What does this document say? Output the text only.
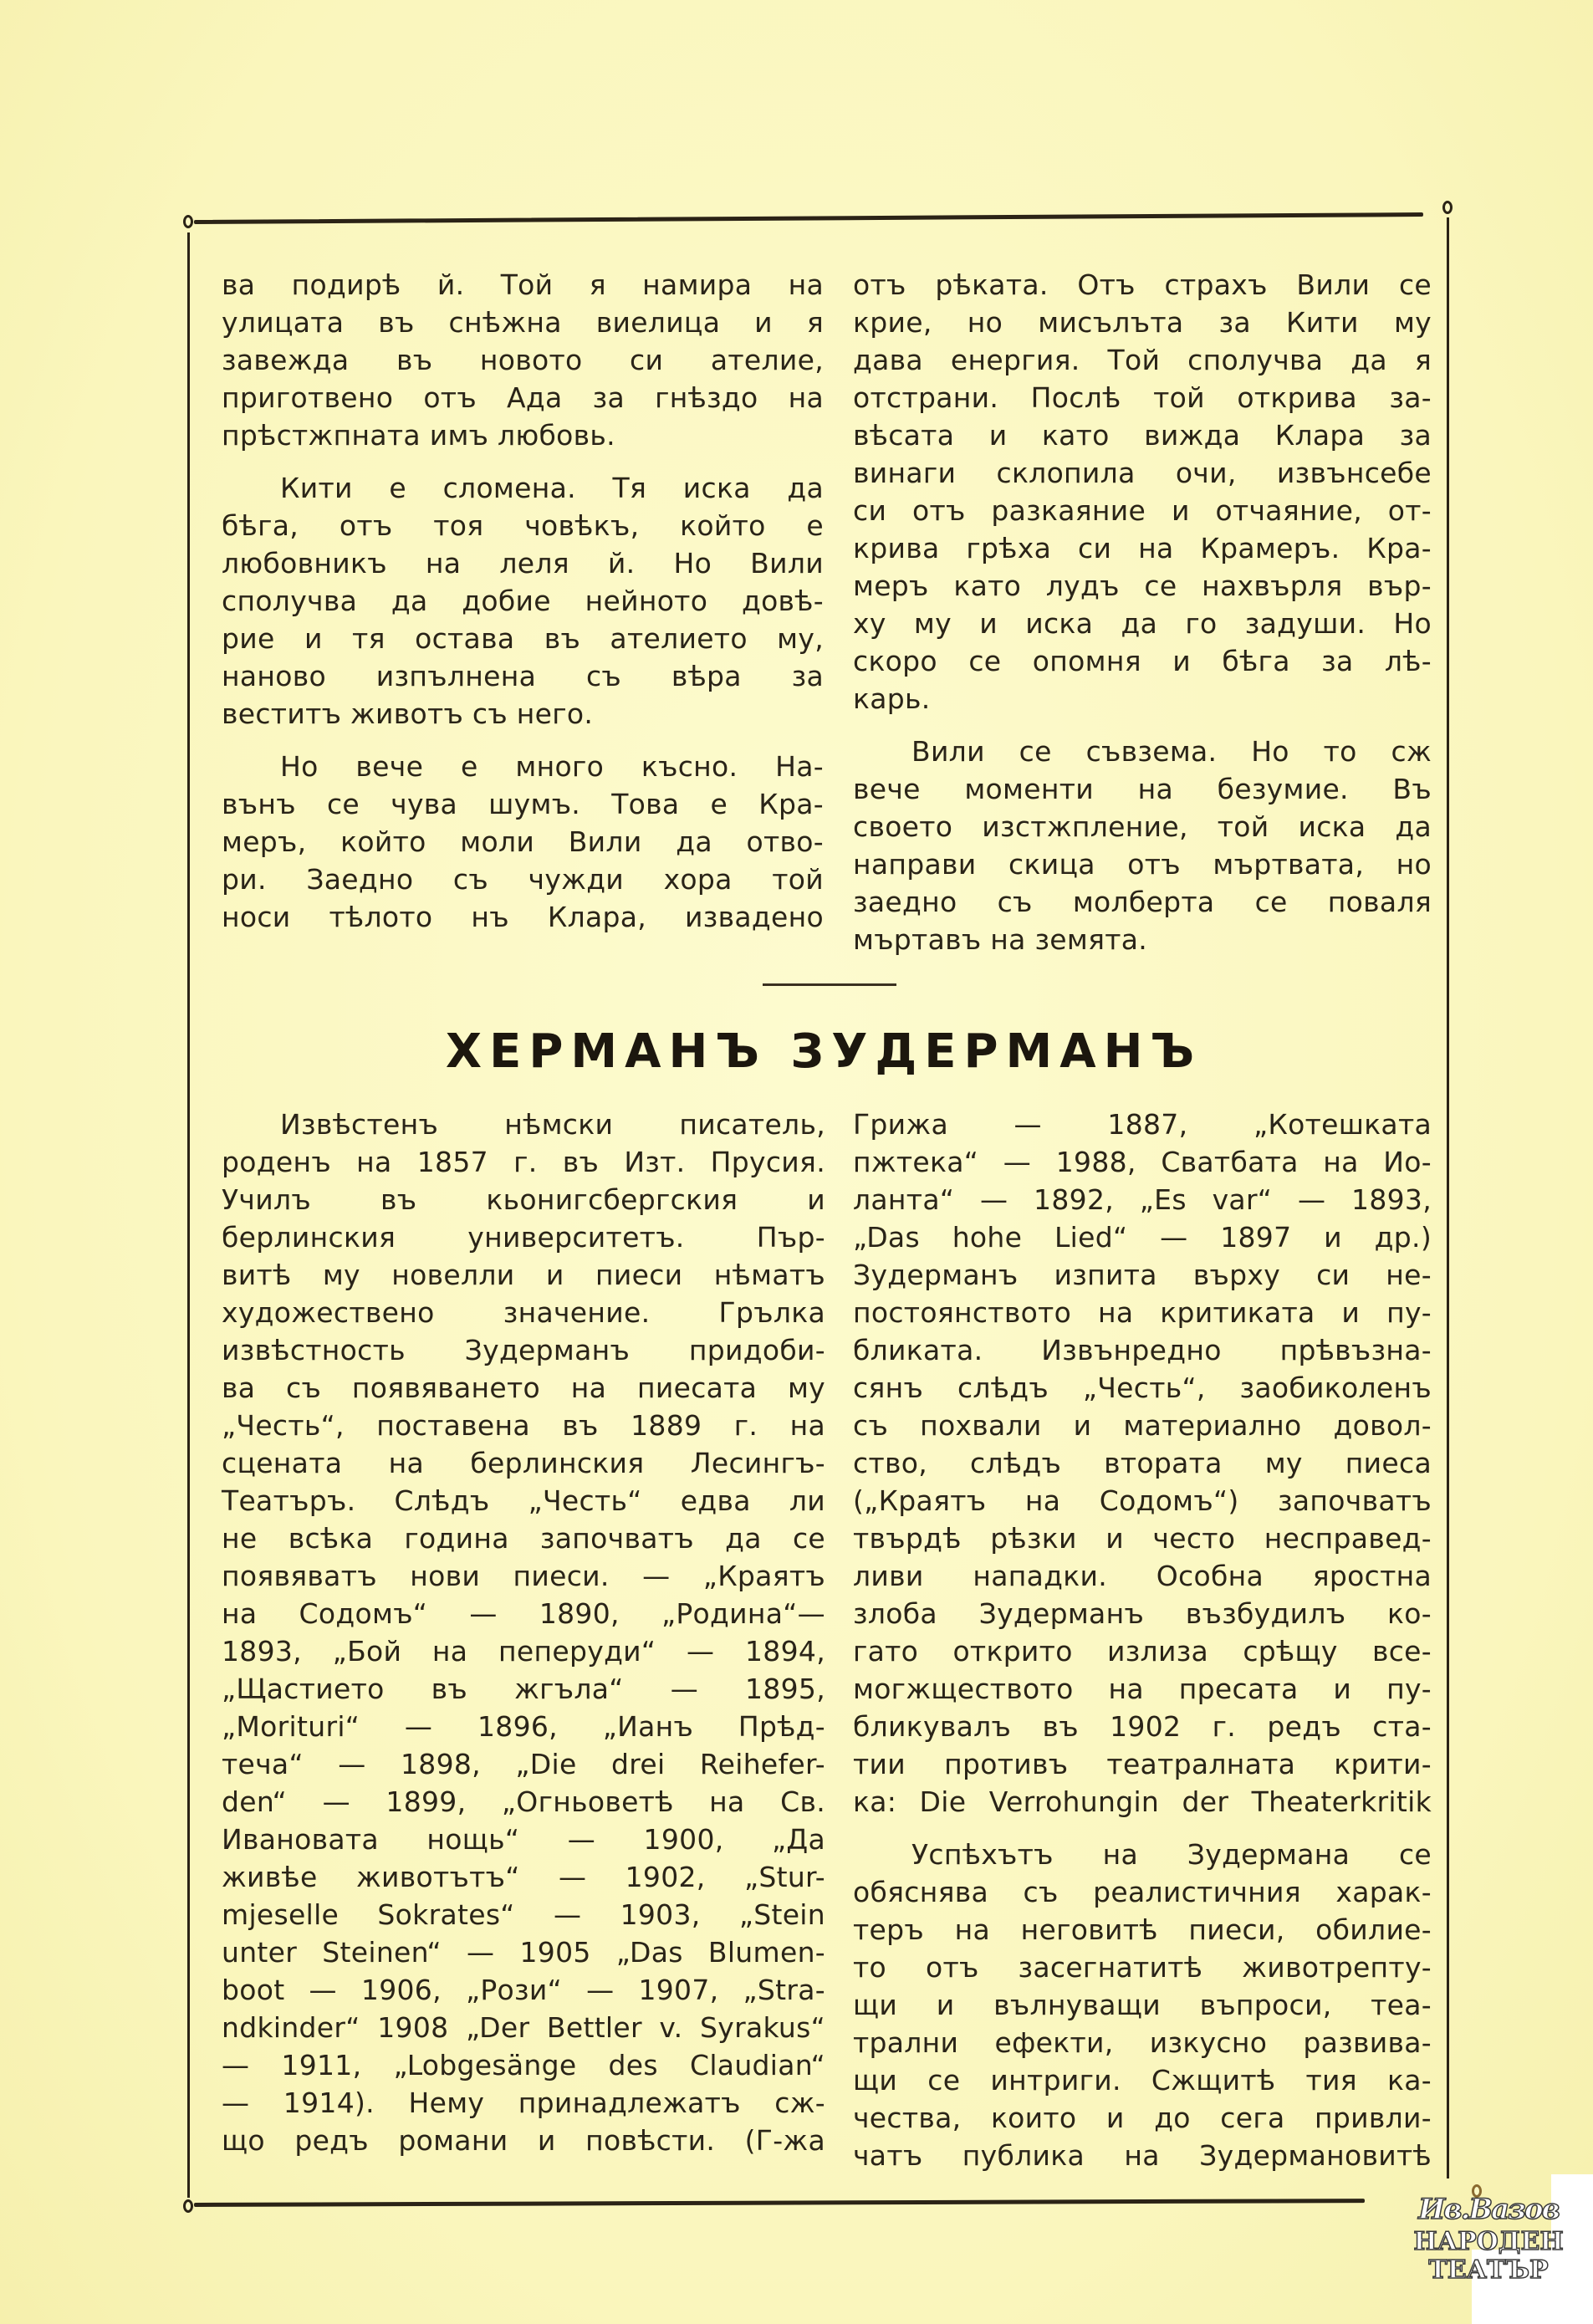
ва подирѣ й. Той я намира на
улицата въ снѣжна виелица и я
завежда въ новото си ателие,
приготвено отъ Ада за гнѣздо на
прѣстжпната имъ любовь.
Кити е сломена. Тя иска да
бѣга, отъ тоя човѣкъ, който е
любовникъ на леля й. Но Вили
сполучва да добие нейното довѣ-
рие и тя остава въ ателието му,
наново изпълнена съ вѣра за
веститъ животъ съ него.
Но вече е много късно. На-
вънъ се чува шумъ. Това е Кра-
меръ, който моли Вили да отво-
ри. Заедно съ чужди хора той
носи тѣлото нъ Клара, извадено
отъ рѣката. Отъ страхъ Вили се
крие, но мисълъта за Кити му
дава енергия. Той сполучва да я
отстрани. Послѣ той открива за-
вѣсата и като вижда Клара за
винаги склопила очи, извънсебе
си отъ разкаяние и отчаяние, от-
крива грѣха си на Крамеръ. Кра-
меръ като лудъ се нахвърля вър-
ху му и иска да го задуши. Но
скоро се опомня и бѣга за лѣ-
карь.
Вили се съвзема. Но то сж
вече моменти на безумие. Въ
своето изстжпление, той иска да
направи скица отъ мъртвата, но
заедно съ молберта се поваля
мъртавъ на земята.
ХЕРМАНЪ ЗУДЕРМАНЪ
Извѣстенъ нѣмски писатель,
роденъ на 1857 г. въ Изт. Прусия.
Училъ въ кьонигсбергския и
берлинския университетъ. Пър-
витѣ му новелли и пиеси нѣматъ
художествено значение. Грълка
извѣстность Зудерманъ придоби-
ва съ появяването на пиесата му
„Честь“, поставена въ 1889 г. на
сцената на берлинския Лесингъ-
Театъръ. Слѣдъ „Честь“ едва ли
не всѣка година започватъ да се
появяватъ нови пиеси. — „Краятъ
на Содомъ“ — 1890, „Родина“—
1893, „Бой на пеперуди“ — 1894,
„Щастието въ жгъла“ — 1895,
„Morituri“ — 1896, „Ианъ Прѣд-
теча“ — 1898, „Die drei Reihefer-
den“ — 1899, „Огньоветѣ на Св.
Ивановата нощь“ — 1900, „Да
живѣе животътъ“ — 1902, „Stur-
mjeselle Sokrates“ — 1903, „Stein
unter Steinen“ — 1905 „Das Blumen-
boot — 1906, „Рози“ — 1907, „Stra-
ndkinder“ 1908 „Der Bettler v. Syrakus“
— 1911, „Lobgesänge des Claudian“
— 1914). Нему принадлежатъ сж-
що редъ романи и повѣсти. (Г-жа
Грижа — 1887, „Котешката
пжтека“ — 1988, Сватбата на Ио-
ланта“ — 1892, „Es var“ — 1893,
„Das hohe Lied“ — 1897 и др.)
Зудерманъ изпита върху си не-
постоянството на критиката и пу-
бликата. Извънредно прѣвъзна-
сянъ слѣдъ „Честь“, заобиколенъ
съ похвали и материално довол-
ство, слѣдъ втората му пиеса
(„Краятъ на Содомъ“) започватъ
твърдѣ рѣзки и често несправед-
ливи нападки. Особна яростна
злоба Зудерманъ възбудилъ ко-
гато открито излиза срѣщу все-
могжществото на пресата и пу-
бликувалъ въ 1902 г. редъ ста-
тии противъ театралната крити-
ка: Die Verrohungin der Theaterkritik
Успѣхътъ на Зудермана се
обяснява съ реалистичния харак-
теръ на неговитѣ пиеси, обилие-
то отъ засегнатитѣ животрепту-
щи и вълнуващи въпроси, теа-
трални ефекти, изкусно развива-
щи се интриги. Сжщитѣ тия ка-
чества, които и до сега привли-
чатъ публика на Зудермановитѣ
Ив.Вазов
НАРОДЕН
ТЕАТЪР
